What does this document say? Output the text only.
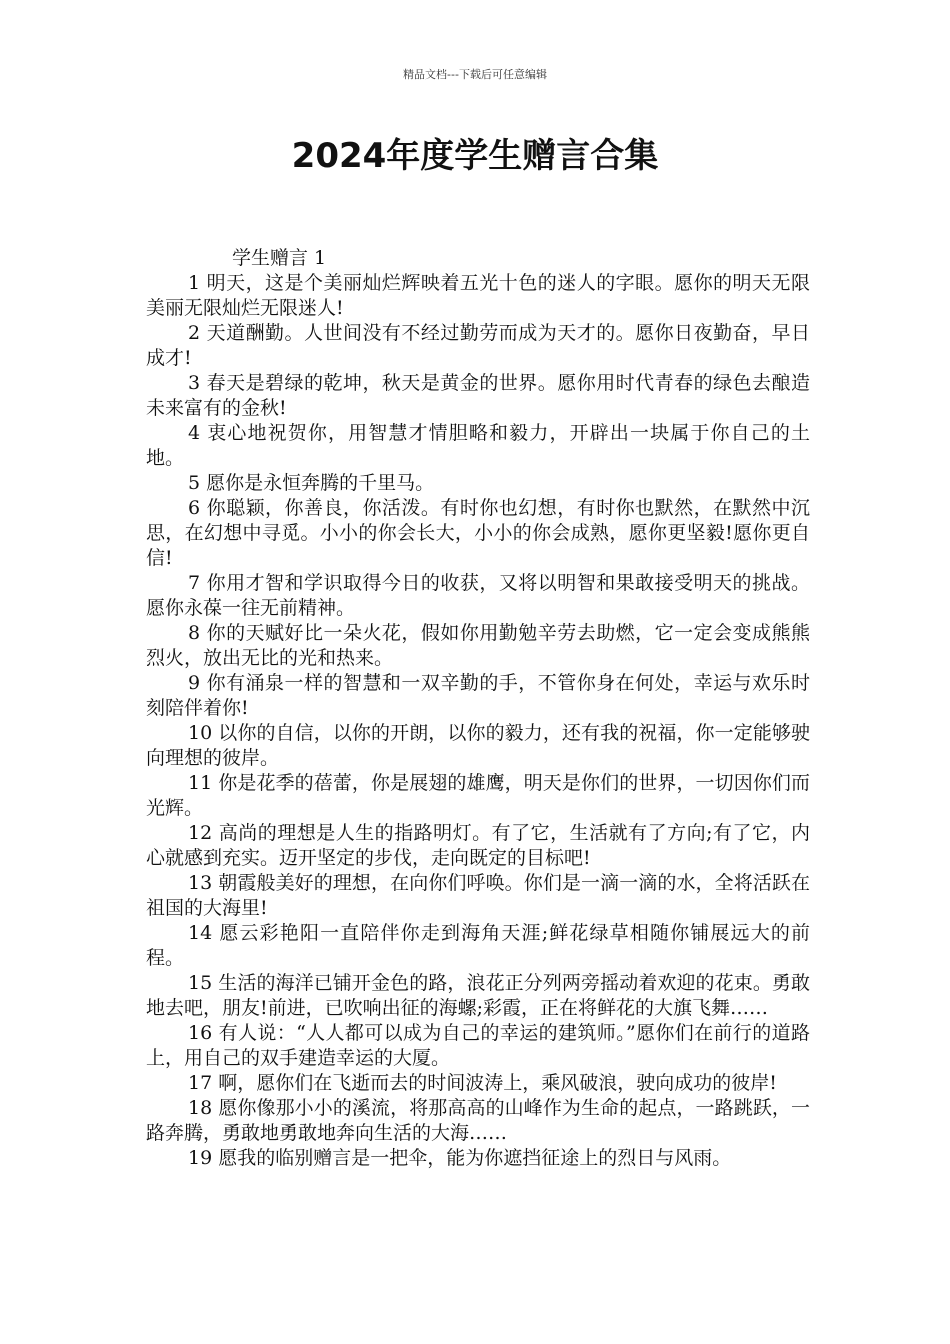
精品文档---下载后可任意编辑
2024年度学生赠言合集

学生赠言 1

1 明天，这是个美丽灿烂辉映着五光十色的迷人的字眼。愿你的明天无限美丽无限灿烂无限迷人!

2 天道酬勤。人世间没有不经过勤劳而成为天才的。愿你日夜勤奋，早日成才!

3 春天是碧绿的乾坤，秋天是黄金的世界。愿你用时代青春的绿色去酿造未来富有的金秋!

4 衷心地祝贺你，用智慧才情胆略和毅力，开辟出一块属于你自己的土地。

5 愿你是永恒奔腾的千里马。

6 你聪颖，你善良，你活泼。有时你也幻想，有时你也默然，在默然中沉思，在幻想中寻觅。小小的你会长大，小小的你会成熟，愿你更坚毅!愿你更自信!

7 你用才智和学识取得今日的收获，又将以明智和果敢接受明天的挑战。愿你永葆一往无前精神。

8 你的天赋好比一朵火花，假如你用勤勉辛劳去助燃，它一定会变成熊熊烈火，放出无比的光和热来。

9 你有涌泉一样的智慧和一双辛勤的手，不管你身在何处，幸运与欢乐时刻陪伴着你!

10 以你的自信，以你的开朗，以你的毅力，还有我的祝福，你一定能够驶向理想的彼岸。

11 你是花季的蓓蕾，你是展翅的雄鹰，明天是你们的世界，一切因你们而光辉。

12 高尚的理想是人生的指路明灯。有了它，生活就有了方向;有了它，内心就感到充实。迈开坚定的步伐，走向既定的目标吧!

13 朝霞般美好的理想，在向你们呼唤。你们是一滴一滴的水，全将活跃在祖国的大海里!

14 愿云彩艳阳一直陪伴你走到海角天涯;鲜花绿草相随你铺展远大的前程。

15 生活的海洋已铺开金色的路，浪花正分列两旁摇动着欢迎的花束。勇敢地去吧，朋友!前进，已吹响出征的海螺;彩霞，正在将鲜花的大旗飞舞……

16 有人说：“人人都可以成为自己的幸运的建筑师。”愿你们在前行的道路上，用自己的双手建造幸运的大厦。

17 啊，愿你们在飞逝而去的时间波涛上，乘风破浪，驶向成功的彼岸!

18 愿你像那小小的溪流，将那高高的山峰作为生命的起点，一路跳跃，一路奔腾，勇敢地勇敢地奔向生活的大海……

19 愿我的临别赠言是一把伞，能为你遮挡征途上的烈日与风雨。
